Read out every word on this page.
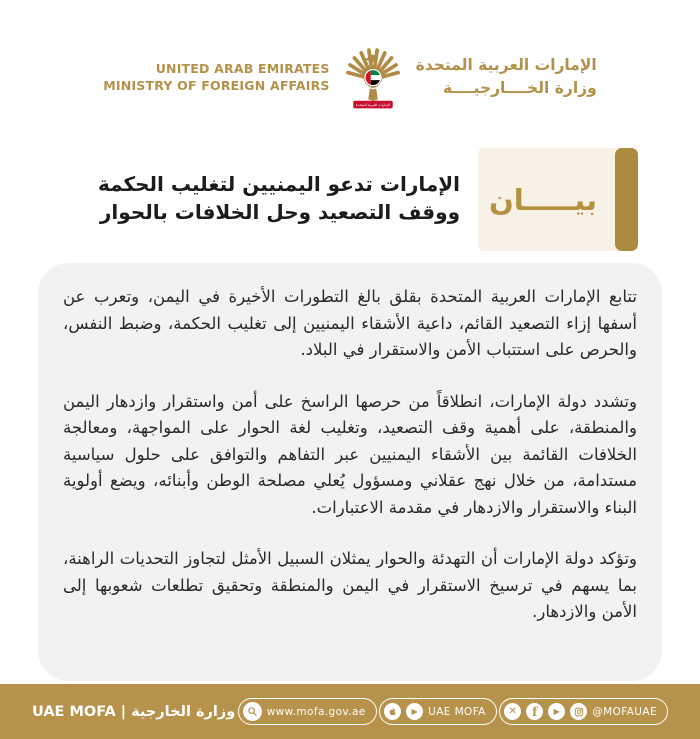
UNITED ARAB EMIRATES
MINISTRY OF FOREIGN AFFAIRS
الإمارات العربية المتحدة
الإمارات العربية المتحدة
وزارة الخــــارجيــــة
بيـــــان
الإمارات تدعو اليمنيين لتغليب الحكمة ووقف التصعيد وحل الخلافات بالحوار

تتابع الإمارات العربية المتحدة بقلق بالغ التطورات الأخيرة في اليمن، وتعرب عن أسفها إزاء التصعيد القائم، داعية الأشقاء اليمنيين إلى تغليب الحكمة، وضبط النفس، والحرص على استتباب الأمن والاستقرار في البلاد.

وتشدد دولة الإمارات، انطلاقاً من حرصها الراسخ على أمن واستقرار وازدهار اليمن والمنطقة، على أهمية وقف التصعيد، وتغليب لغة الحوار على المواجهة، ومعالجة الخلافات القائمة بين الأشقاء اليمنيين عبر التفاهم والتوافق على حلول سياسية مستدامة، من خلال نهج عقلاني ومسؤول يُعلي مصلحة الوطن وأبنائه، ويضع أولوية البناء والاستقرار والازدهار في مقدمة الاعتبارات.

وتؤكد دولة الإمارات أن التهدئة والحوار يمثلان السبيل الأمثل لتجاوز التحديات الراهنة، بما يسهم في ترسيخ الاستقرار في اليمن والمنطقة وتحقيق تطلعات شعوبها إلى الأمن والازدهار.

وزارة الخارجية | UAE MOFA	www.mofa.gov.ae	▶ UAE MOFA ✕ f ▶	@MOFAUAE
